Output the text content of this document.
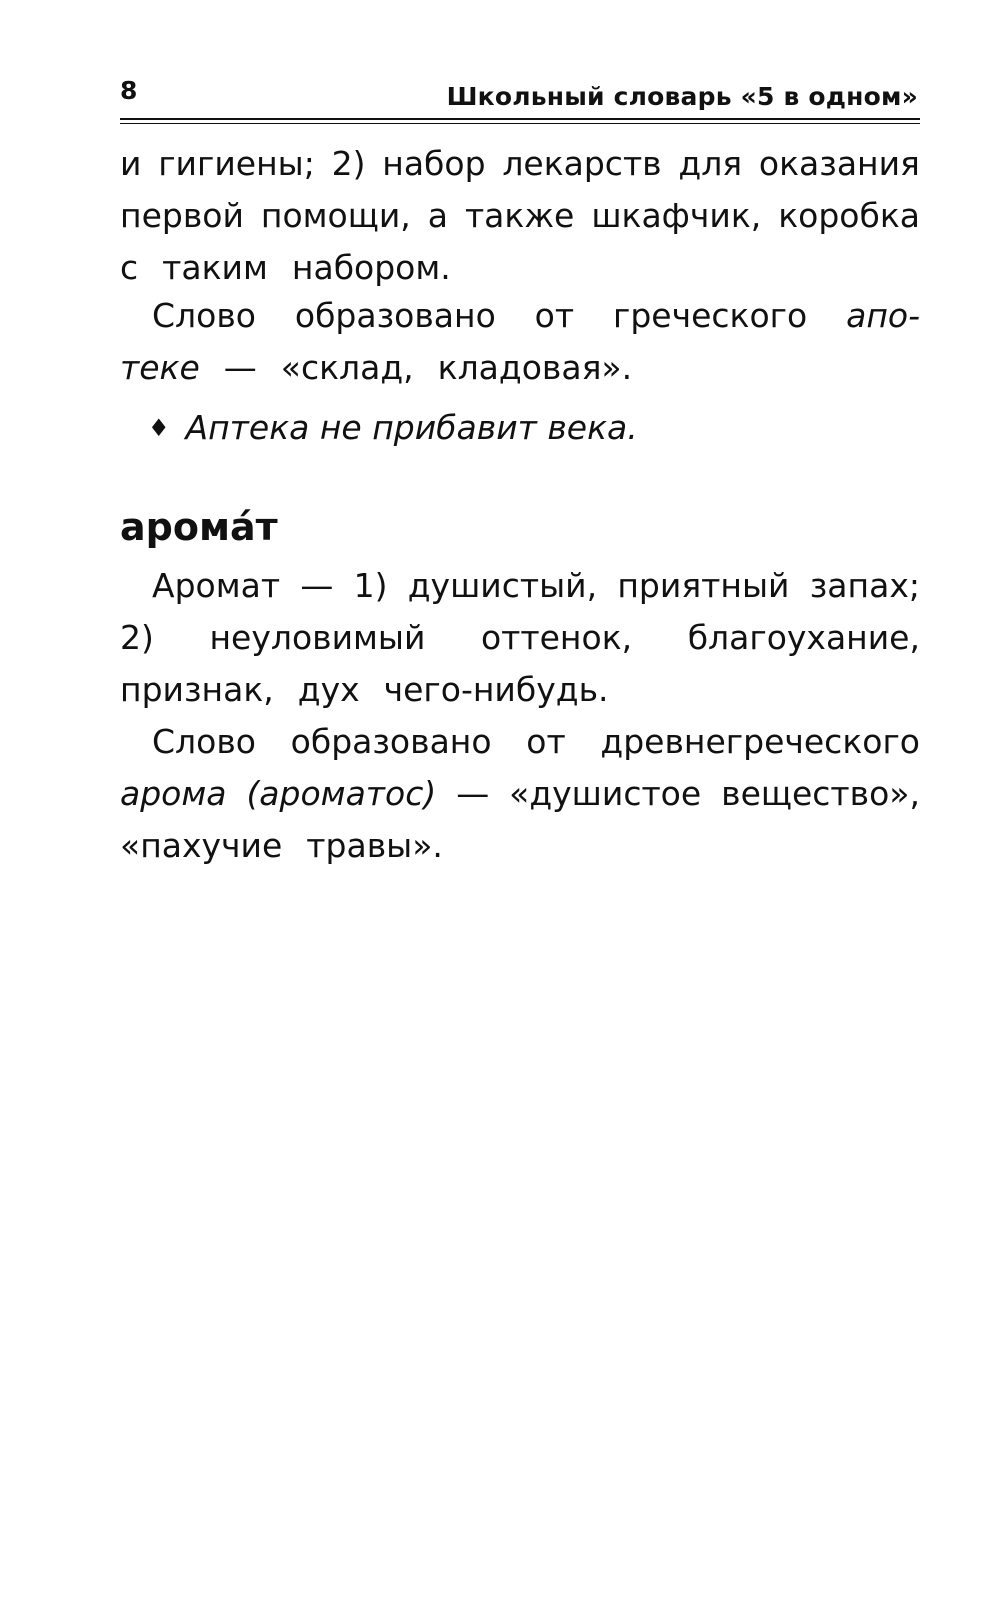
8	Школьный словарь «5 в одном»
и гигиены; 2) набор лекарств для оказания
первой помощи, а также шкафчик, коробка
с таким набором.
Слово образовано от греческого апо-
теке — «склад, кладовая».
♦ Аптека не прибавит века.
аромáт
Аромат — 1) душистый, приятный запах;
2) неуловимый оттенок, благоухание,
признак, дух чего-нибудь.
Слово образовано от древнегреческого
арома (ароматос) — «душистое вещество»,
«пахучие травы».
